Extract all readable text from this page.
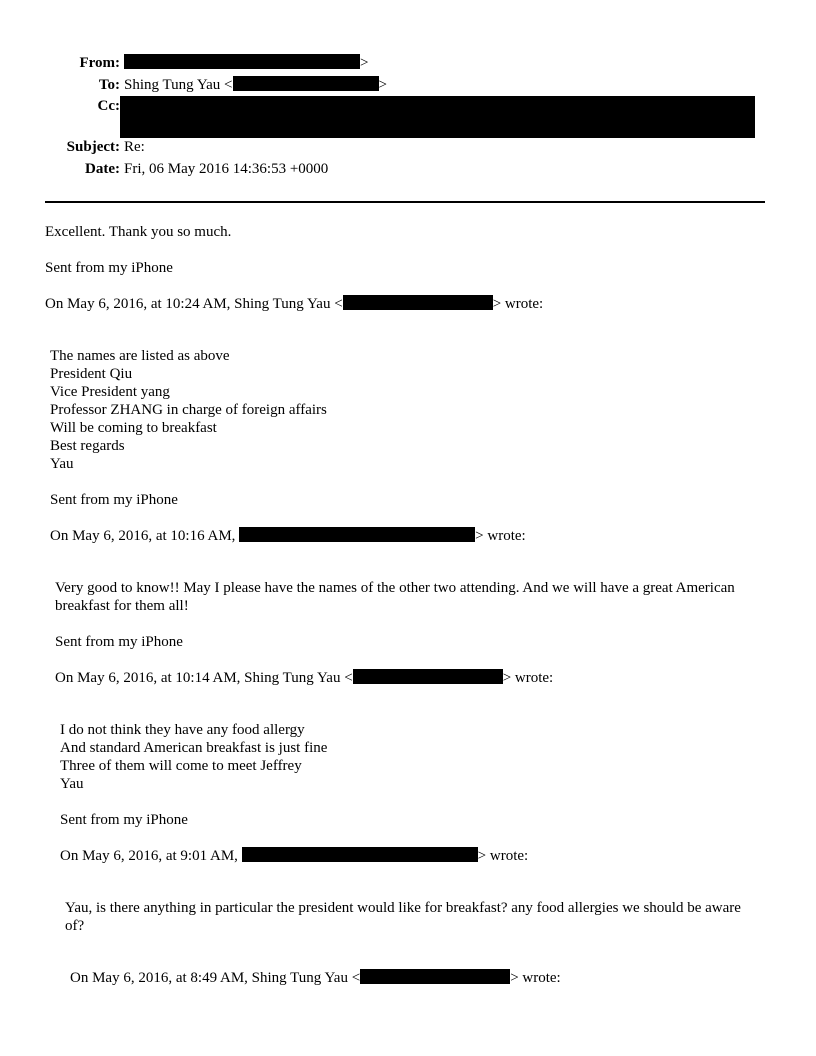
From:	>
To: Shing Tung Yau <	>
Cc:
Subject: Re:
Date: Fri, 06 May 2016 14:36:53 +0000
Excellent. Thank you so much.
Sent from my iPhone
On May 6, 2016, at 10:24 AM, Shing Tung Yau <	> wrote:
The names are listed as above
President Qiu
Vice President yang
Professor ZHANG in charge of foreign affairs
Will be coming to breakfast
Best regards
Yau
Sent from my iPhone
On May 6, 2016, at 10:16 AM,	> wrote:
Very good to know!! May I please have the names of the other two attending. And we will have a great American breakfast for them all!
Sent from my iPhone
On May 6, 2016, at 10:14 AM, Shing Tung Yau <	> wrote:
I do not think they have any food allergy
And standard American breakfast is just fine
Three of them will come to meet Jeffrey
Yau
Sent from my iPhone
On May 6, 2016, at 9:01 AM,	> wrote:
Yau, is there anything in particular the president would like for breakfast? any food allergies we should be aware of?
On May 6, 2016, at 8:49 AM, Shing Tung Yau <	> wrote:
